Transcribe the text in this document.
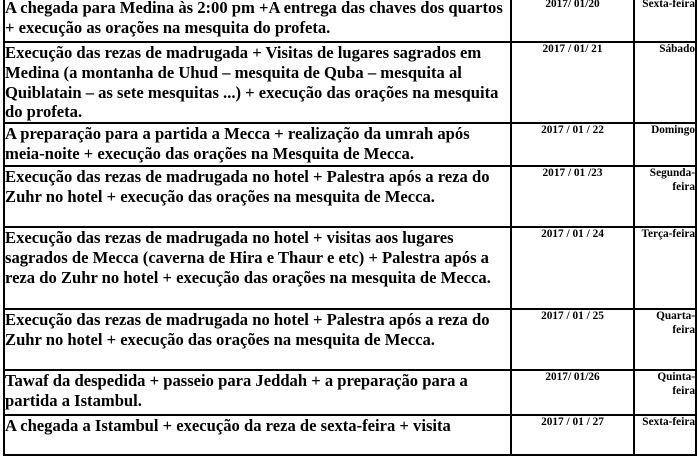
A chegada para Medina às 2:00 pm +A entrega das chaves dos quartos + execução as orações na mesquita do profeta.	2017/ 01/20	Sexta-feira
Execução das rezas de madrugada + Visitas de lugares sagrados em Medina (a montanha de Uhud – mesquita de Quba – mesquita al Quiblatain – as sete mesquitas ...) + execução das orações na mesquita do profeta.	2017 / 01/ 21	Sábado
A preparação para a partida a Mecca + realização da umrah após meia-noite + execução das orações na Mesquita de Mecca.	2017 / 01 / 22	Domingo
Execução das rezas de madrugada no hotel + Palestra após a reza do Zuhr no hotel + execução das orações na mesquita de Mecca.	2017 / 01 /23	Segunda-feira
Execução das rezas de madrugada no hotel + visitas aos lugares sagrados de Mecca (caverna de Hira e Thaur e etc) + Palestra após a reza do Zuhr no hotel + execução das orações na mesquita de Mecca.	2017 / 01 / 24	Terça-feira
Execução das rezas de madrugada no hotel + Palestra após a reza do Zuhr no hotel + execução das orações na mesquita de Mecca.	2017 / 01 / 25	Quarta-feira
Tawaf da despedida + passeio para Jeddah + a preparação para a partida a Istambul.	2017/ 01/26	Quinta-feira
A chegada a Istambul + execução da reza de sexta-feira + visita	2017 / 01 / 27	Sexta-feira
